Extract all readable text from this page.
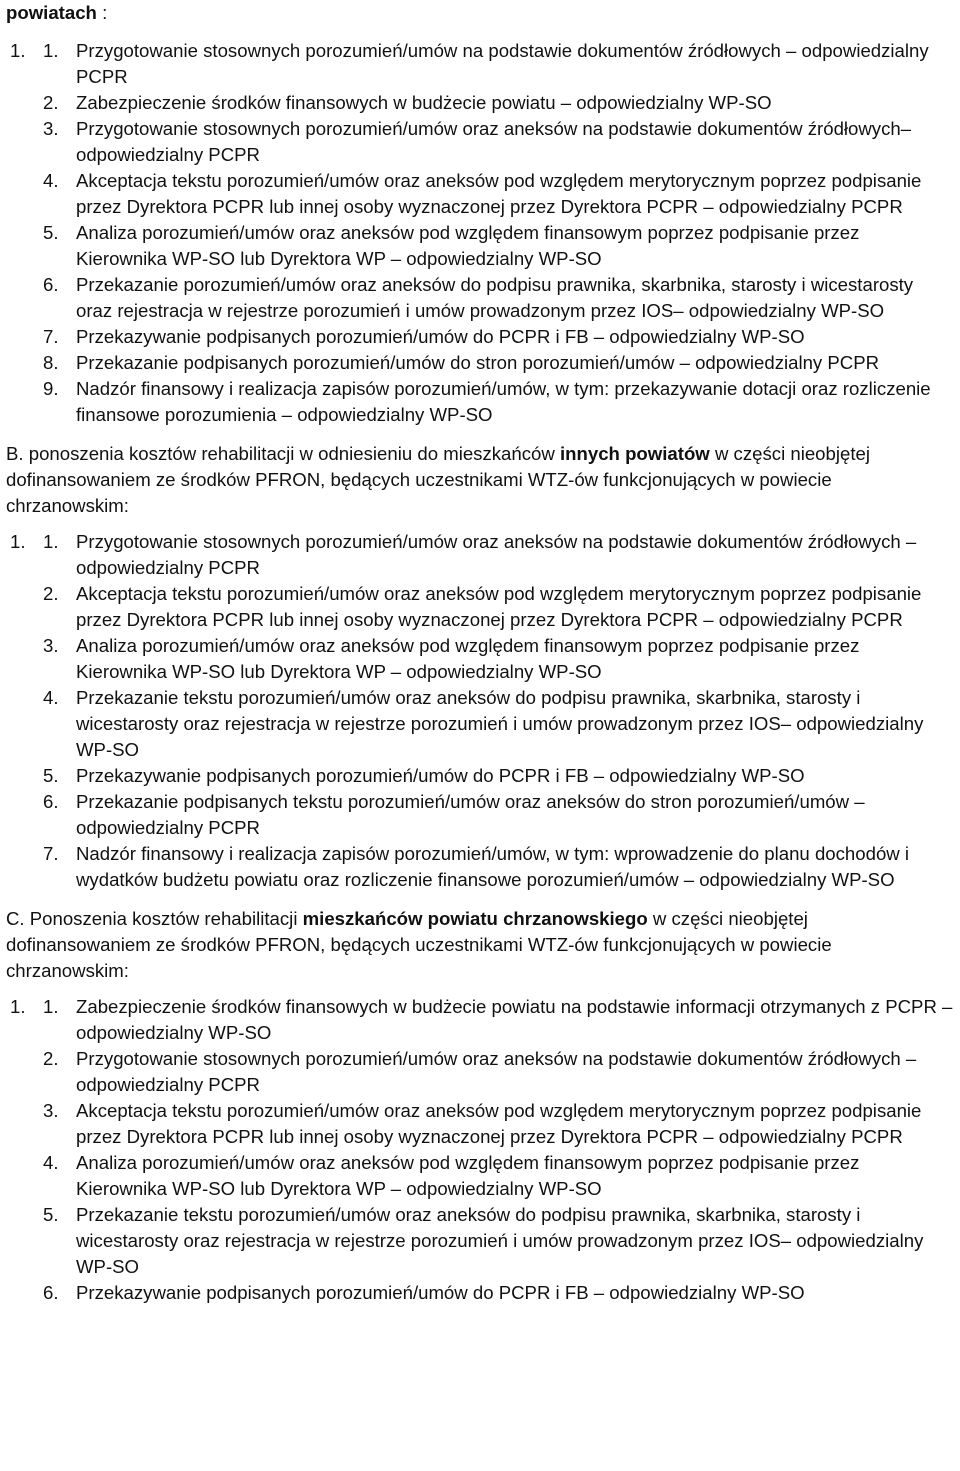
powiatach :
1. 1. Przygotowanie stosownych porozumień/umów na podstawie dokumentów źródłowych – odpowiedzialny PCPR
2. Zabezpieczenie środków finansowych w budżecie powiatu – odpowiedzialny WP-SO
3. Przygotowanie stosownych porozumień/umów oraz aneksów na podstawie dokumentów źródłowych– odpowiedzialny PCPR
4. Akceptacja tekstu porozumień/umów oraz aneksów pod względem merytorycznym poprzez podpisanie przez Dyrektora PCPR lub innej osoby wyznaczonej przez Dyrektora PCPR – odpowiedzialny PCPR
5. Analiza porozumień/umów oraz aneksów pod względem finansowym poprzez podpisanie przez Kierownika WP-SO lub Dyrektora WP – odpowiedzialny WP-SO
6. Przekazanie porozumień/umów oraz aneksów do podpisu prawnika, skarbnika, starosty i wicestarosty oraz rejestracja w rejestrze porozumień i umów prowadzonym przez IOS– odpowiedzialny WP-SO
7. Przekazywanie podpisanych porozumień/umów do PCPR i FB – odpowiedzialny WP-SO
8. Przekazanie podpisanych porozumień/umów do stron porozumień/umów – odpowiedzialny PCPR
9. Nadzór finansowy i realizacja zapisów porozumień/umów, w tym: przekazywanie dotacji oraz rozliczenie finansowe porozumienia – odpowiedzialny WP-SO
B. ponoszenia kosztów rehabilitacji w odniesieniu do mieszkańców innych powiatów w części nieobjętej dofinansowaniem ze środków PFRON, będących uczestnikami WTZ-ów funkcjonujących w powiecie chrzanowskim:
1. 1. Przygotowanie stosownych porozumień/umów oraz aneksów na podstawie dokumentów źródłowych – odpowiedzialny PCPR
2. Akceptacja tekstu porozumień/umów oraz aneksów pod względem merytorycznym poprzez podpisanie przez Dyrektora PCPR lub innej osoby wyznaczonej przez Dyrektora PCPR – odpowiedzialny PCPR
3. Analiza porozumień/umów oraz aneksów pod względem finansowym poprzez podpisanie przez Kierownika WP-SO lub Dyrektora WP – odpowiedzialny WP-SO
4. Przekazanie tekstu porozumień/umów oraz aneksów do podpisu prawnika, skarbnika, starosty i wicestarosty oraz rejestracja w rejestrze porozumień i umów prowadzonym przez IOS– odpowiedzialny WP-SO
5. Przekazywanie podpisanych porozumień/umów do PCPR i FB – odpowiedzialny WP-SO
6. Przekazanie podpisanych tekstu porozumień/umów oraz aneksów do stron porozumień/umów – odpowiedzialny PCPR
7. Nadzór finansowy i realizacja zapisów porozumień/umów, w tym: wprowadzenie do planu dochodów i wydatków budżetu powiatu oraz rozliczenie finansowe porozumień/umów – odpowiedzialny WP-SO
C. Ponoszenia kosztów rehabilitacji mieszkańców powiatu chrzanowskiego w części nieobjętej dofinansowaniem ze środków PFRON, będących uczestnikami WTZ-ów funkcjonujących w powiecie chrzanowskim:
1. 1. Zabezpieczenie środków finansowych w budżecie powiatu na podstawie informacji otrzymanych z PCPR – odpowiedzialny WP-SO
2. Przygotowanie stosownych porozumień/umów oraz aneksów na podstawie dokumentów źródłowych – odpowiedzialny PCPR
3. Akceptacja tekstu porozumień/umów oraz aneksów pod względem merytorycznym poprzez podpisanie przez Dyrektora PCPR lub innej osoby wyznaczonej przez Dyrektora PCPR – odpowiedzialny PCPR
4. Analiza porozumień/umów oraz aneksów pod względem finansowym poprzez podpisanie przez Kierownika WP-SO lub Dyrektora WP – odpowiedzialny WP-SO
5. Przekazanie tekstu porozumień/umów oraz aneksów do podpisu prawnika, skarbnika, starosty i wicestarosty oraz rejestracja w rejestrze porozumień i umów prowadzonym przez IOS– odpowiedzialny WP-SO
6. Przekazywanie podpisanych porozumień/umów do PCPR i FB – odpowiedzialny WP-SO
